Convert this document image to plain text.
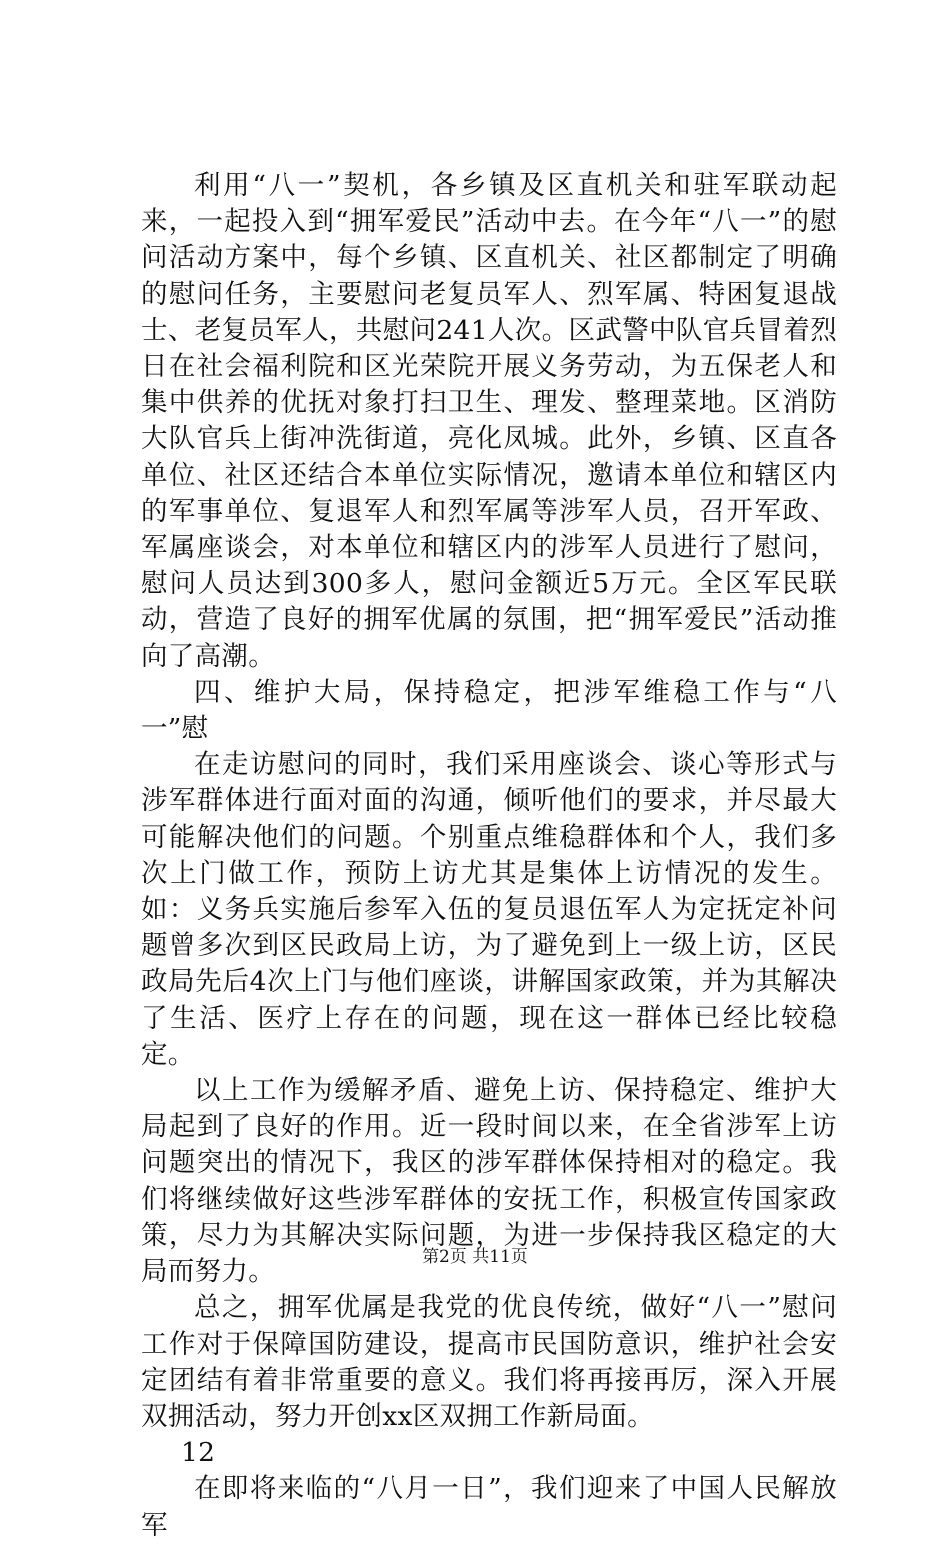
利用“八一”契机，各乡镇及区直机关和驻军联动起来，一起投入到“拥军爱民”活动中去。在今年“八一”的慰问活动方案中，每个乡镇、区直机关、社区都制定了明确的慰问任务，主要慰问老复员军人、烈军属、特困复退战士、老复员军人，共慰问241人次。区武警中队官兵冒着烈日在社会福利院和区光荣院开展义务劳动，为五保老人和集中供养的优抚对象打扫卫生、理发、整理菜地。区消防大队官兵上街冲洗街道，亮化凤城。此外，乡镇、区直各单位、社区还结合本单位实际情况，邀请本单位和辖区内的军事单位、复退军人和烈军属等涉军人员，召开军政、军属座谈会，对本单位和辖区内的涉军人员进行了慰问，慰问人员达到300多人，慰问金额近5万元。全区军民联动，营造了良好的拥军优属的氛围，把“拥军爱民”活动推向了高潮。

四、维护大局，保持稳定，把涉军维稳工作与“八一”慰

在走访慰问的同时，我们采用座谈会、谈心等形式与涉军群体进行面对面的沟通，倾听他们的要求，并尽最大可能解决他们的问题。个别重点维稳群体和个人，我们多次上门做工作，预防上访尤其是集体上访情况的发生。如：义务兵实施后参军入伍的复员退伍军人为定抚定补问题曾多次到区民政局上访，为了避免到上一级上访，区民政局先后4次上门与他们座谈，讲解国家政策，并为其解决了生活、医疗上存在的问题，现在这一群体已经比较稳定。

以上工作为缓解矛盾、避免上访、保持稳定、维护大局起到了良好的作用。近一段时间以来，在全省涉军上访问题突出的情况下，我区的涉军群体保持相对的稳定。我们将继续做好这些涉军群体的安抚工作，积极宣传国家政策，尽力为其解决实际问题，为进一步保持我区稳定的大局而努力。

总之，拥军优属是我党的优良传统，做好“八一”慰问工作对于保障国防建设，提高市民国防意识，维护社会安定团结有着非常重要的意义。我们将再接再厉，深入开展双拥活动，努力开创xx区双拥工作新局面。

12

在即将来临的“八月一日”，我们迎来了中国人民解放军

第2页 共11页
